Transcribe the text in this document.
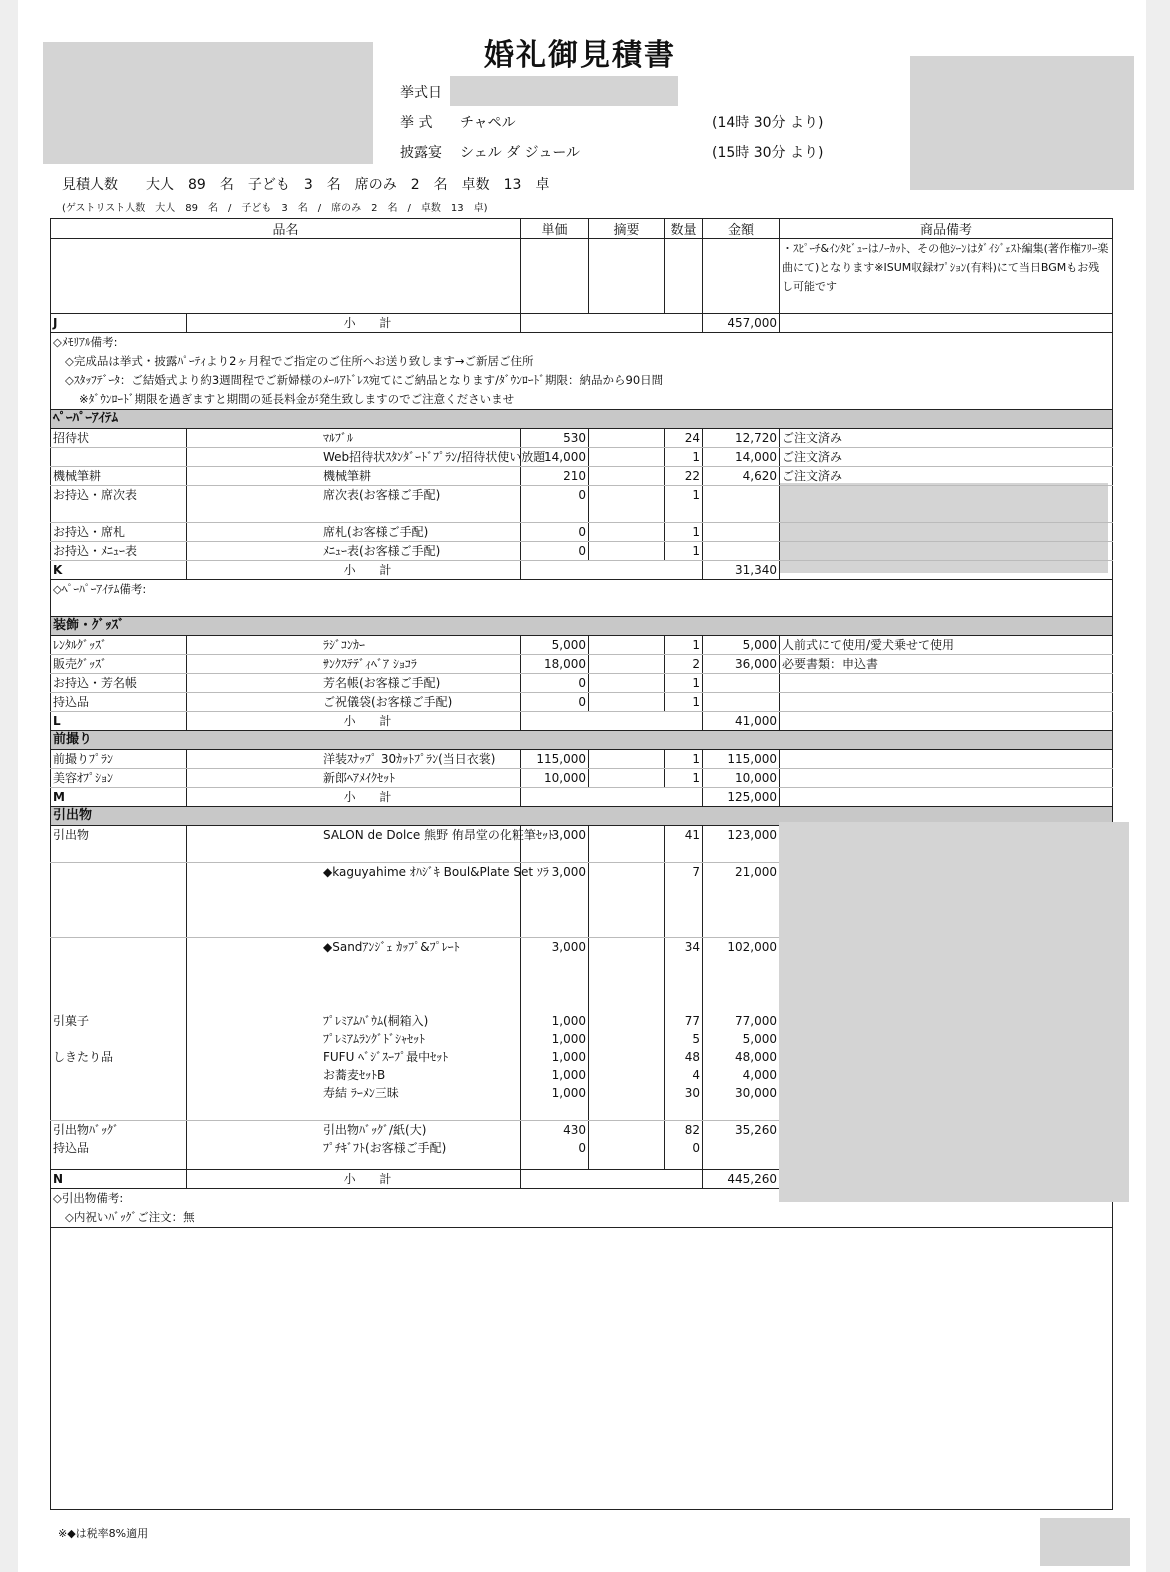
婚礼御見積書
挙式日
挙 式 チャペル	(14時 30分 より)
披露宴 シェル ダ ジュール	(15時 30分 より)
見積人数　　大人　89　名　子ども　3　名　席のみ　2　名　卓数　13　卓
(ゲストリスト人数　大人　89　名　/　子ども　3　名　/　席のみ　2　名　/　卓数　13　卓)
品名		単価	摘要	数量	金額	商品備考
						・ｽﾋﾟｰﾁ&ｲﾝﾀﾋﾞｭｰはﾉｰｶｯﾄ、その他ｼｰﾝはﾀﾞｲｼﾞｪｽﾄ編集(著作権ﾌﾘｰ楽曲にて)となります※ISUM収録ｵﾌﾟｼｮﾝ(有料)にて当日BGMもお残し可能です
J	小 計				457,000	

◇ﾒﾓﾘｱﾙ備考:
◇完成品は挙式・披露ﾊﾟｰﾃｨより2ヶ月程でご指定のご住所へお送り致します→ご新居ご住所
◇ｽﾀｯﾌﾃﾞｰﾀ：ご結婚式より約3週間程でご新婦様のﾒｰﾙｱﾄﾞﾚｽ宛てにご納品となります/ﾀﾞｳﾝﾛｰﾄﾞ期限：納品から90日間
※ﾀﾞｳﾝﾛｰﾄﾞ期限を過ぎますと期間の延長料金が発生致しますのでご注意くださいませ						

ﾍﾟｰﾊﾟｰｱｲﾃﾑ						
招待状	ﾏﾙﾌﾞﾙ	530		24	12,720	ご注文済み
	Web招待状ｽﾀﾝﾀﾞｰﾄﾞﾌﾟﾗﾝ/招待状使い放題	14,000		1	14,000	ご注文済み
機械筆耕	機械筆耕	210		22	4,620	ご注文済み
お持込・席次表	席次表(お客様ご手配)	0		1		
お持込・席札	席札(お客様ご手配)	0		1		
お持込・ﾒﾆｭｰ表	ﾒﾆｭｰ表(お客様ご手配)	0		1		
K	小 計				31,340	
◇ﾍﾟｰﾊﾟｰｱｲﾃﾑ備考:						
装飾・ｸﾞｯｽﾞ						
ﾚﾝﾀﾙｸﾞｯｽﾞ	ﾗｼﾞｺﾝｶｰ	5,000		1	5,000	人前式にて使用/愛犬乗せて使用
販売ｸﾞｯｽﾞ	ｻﾝｸｽﾃﾃﾞｨﾍﾞｱ ｼｮｺﾗ	18,000		2	36,000	必要書類：申込書
お持込・芳名帳	芳名帳(お客様ご手配)	0		1		
持込品	ご祝儀袋(お客様ご手配)	0		1		
L	小 計				41,000	
前撮り						
前撮りﾌﾟﾗﾝ	洋装ｽﾅｯﾌﾟ 30ｶｯﾄﾌﾟﾗﾝ(当日衣裳)	115,000		1	115,000	
美容ｵﾌﾟｼｮﾝ	新郎ﾍｱﾒｲｸｾｯﾄ	10,000		1	10,000	
M	小 計				125,000	
引出物						
引出物	SALON de Dolce 熊野 侑昂堂の化粧筆ｾｯﾄ	3,000		41	123,000	
	◆kaguyahime ｵﾊｼﾞｷ Boul&Plate Set ｿﾗ	3,000		7	21,000	
	◆Sandｱﾝｼﾞｪ ｶｯﾌﾟ&ﾌﾟﾚｰﾄ	3,000		34	102,000	
引菓子	ﾌﾟﾚﾐｱﾑﾊﾞｳﾑ(桐箱入)	1,000		77	77,000	
	ﾌﾟﾚﾐｱﾑﾗﾝｸﾞﾄﾞｼｬｾｯﾄ	1,000		5	5,000	
しきたり品	FUFU ﾍﾞｼﾞｽｰﾌﾟ最中ｾｯﾄ	1,000		48	48,000	
	お蕎麦ｾｯﾄB	1,000		4	4,000	
	寿結 ﾗｰﾒﾝ三昧	1,000		30	30,000	
引出物ﾊﾞｯｸﾞ	引出物ﾊﾞｯｸﾞ/紙(大)	430		82	35,260	
持込品	ﾌﾟﾁｷﾞﾌﾄ(お客様ご手配)	0		0		
N	小 計				445,260	

◇引出物備考:
◇内祝いﾊﾞｯｸﾞご注文：無						

※◆は税率8%適用
